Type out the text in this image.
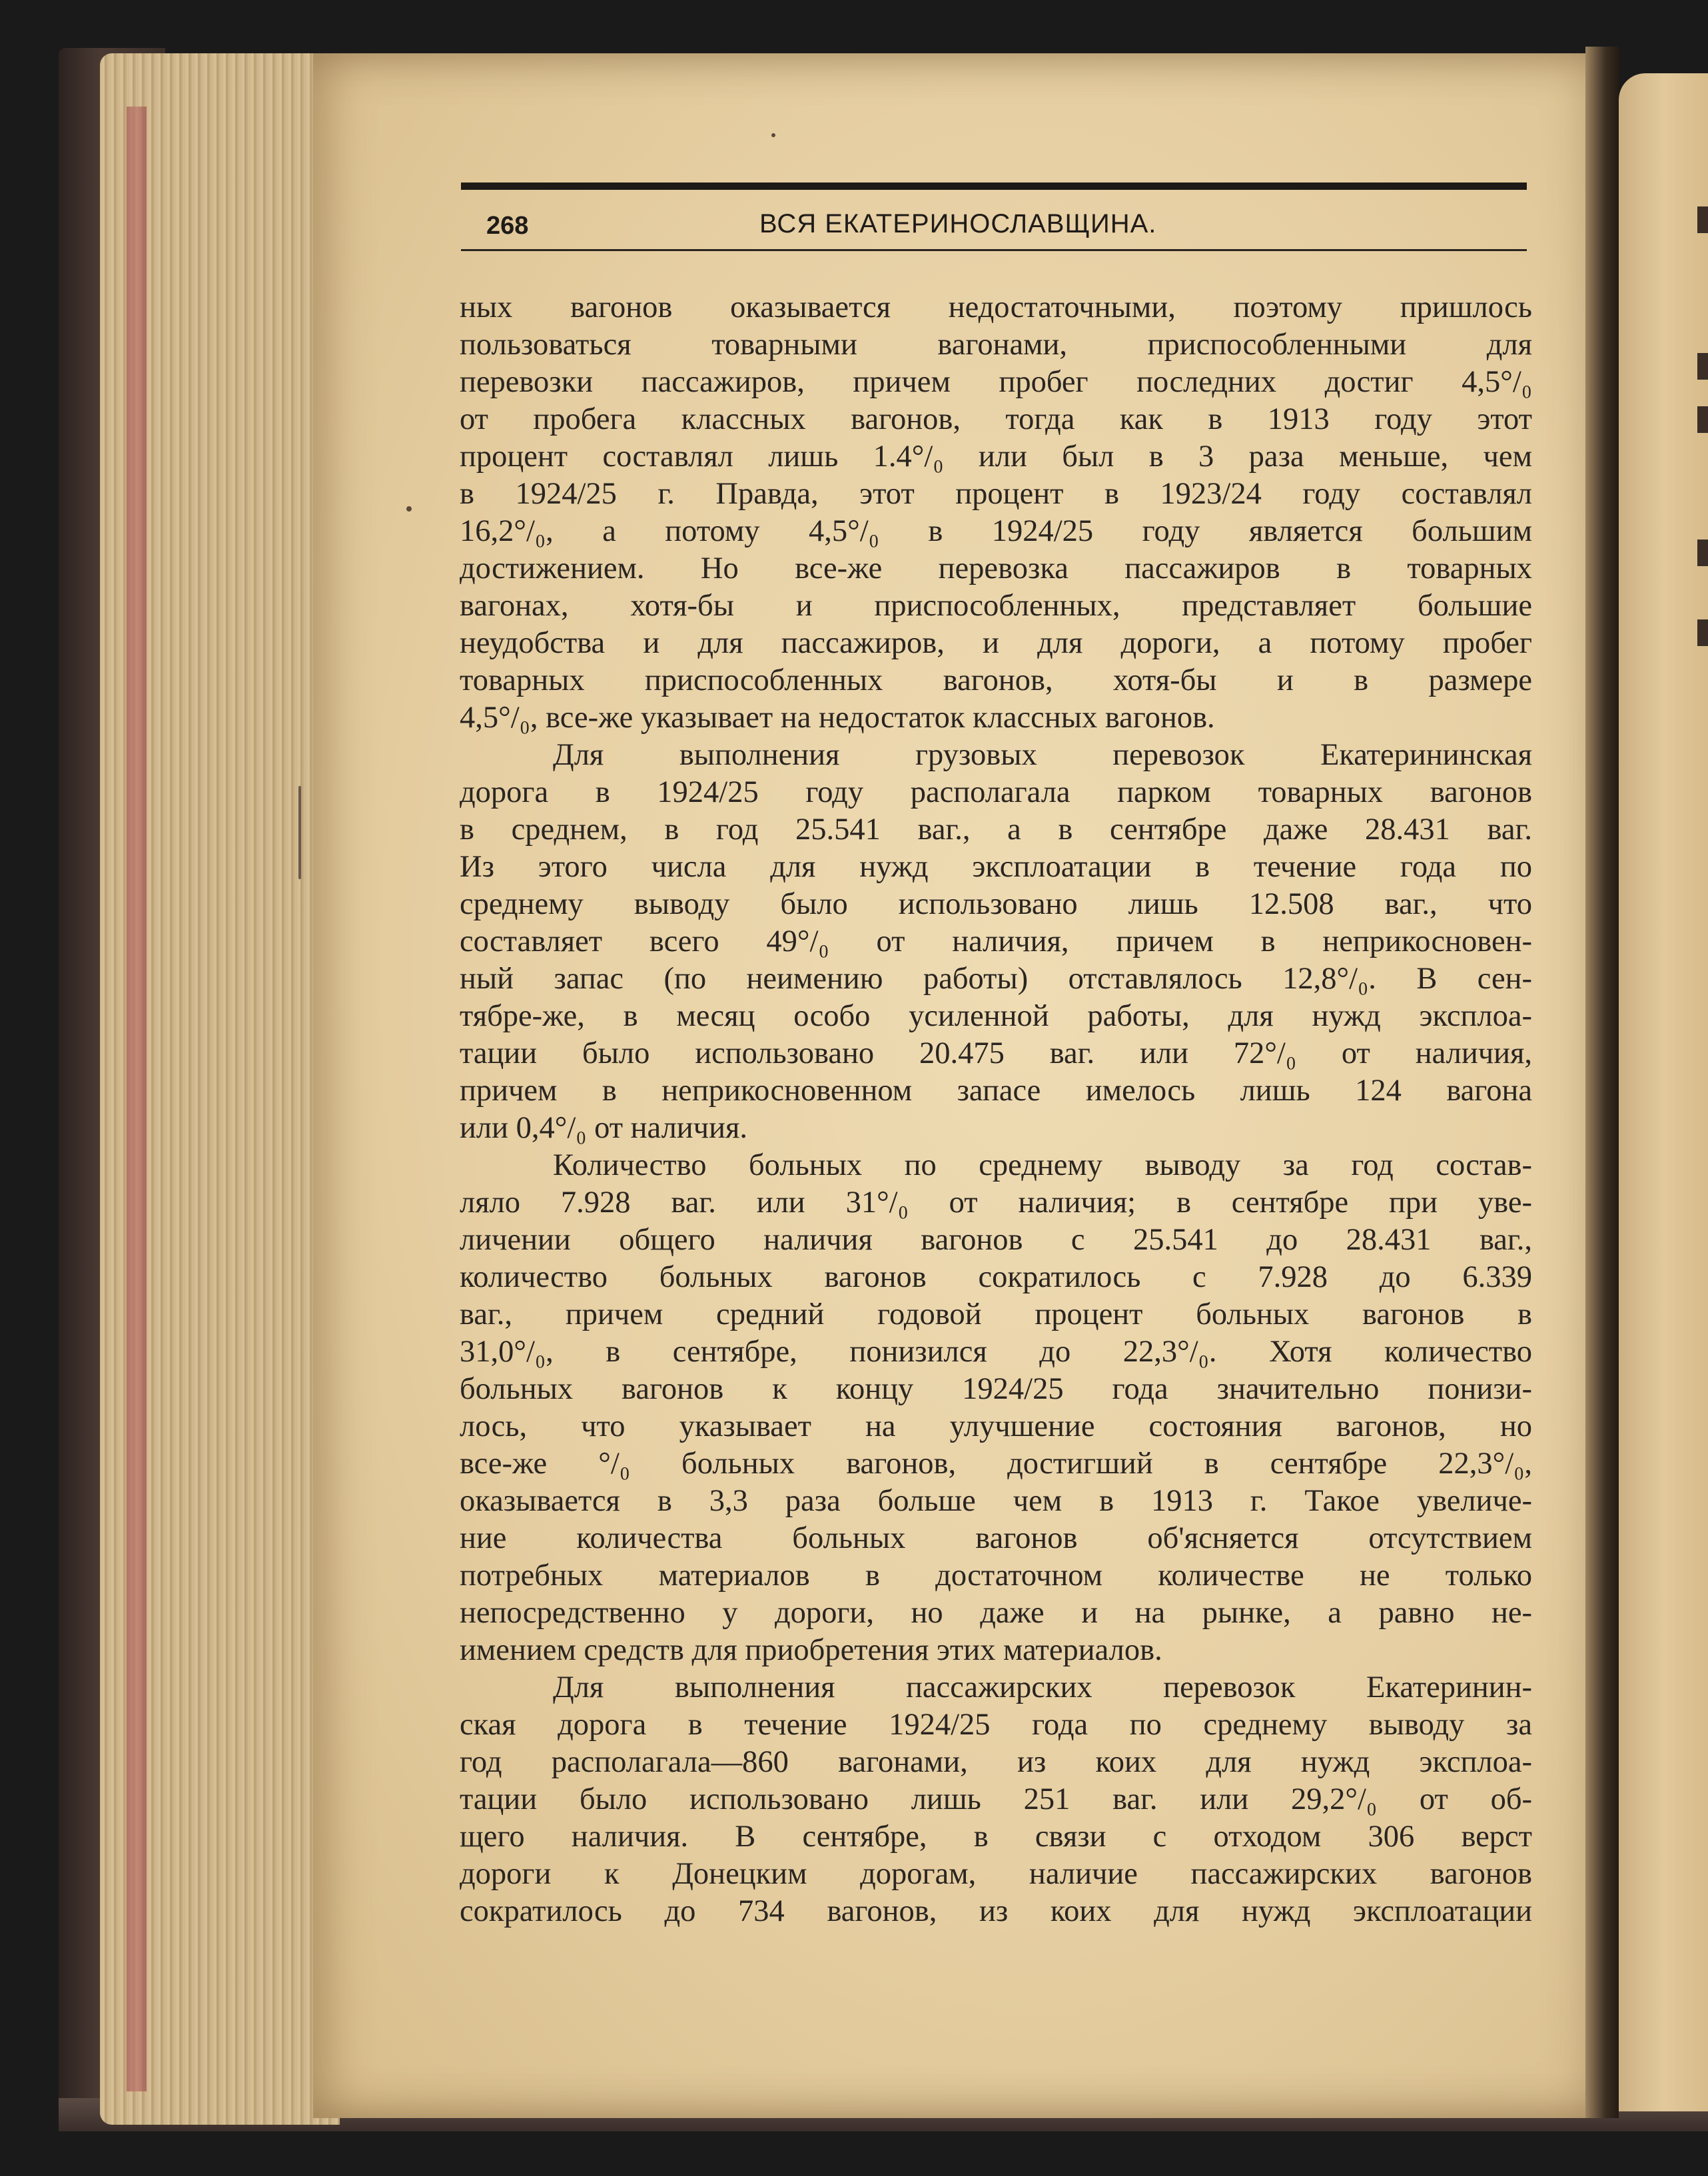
268	ВСЯ ЕКАТЕРИНОСЛАВЩИНА.
ных вагонов оказывается недостаточными, поэтому пришлось
пользоваться товарными вагонами, приспособленными для
перевозки пассажиров, причем пробег последних достиг 4,5°/₀
от пробега классных вагонов, тогда как в 1913 году этот
процент составлял лишь 1.4°/₀ или был в 3 раза меньше, чем
в 1924/25 г. Правда, этот процент в 1923/24 году составлял
16,2°/₀, а потому 4,5°/₀ в 1924/25 году является большим
достижением. Но все-же перевозка пассажиров в товарных
вагонах, хотя-бы и приспособленных, представляет большие
неудобства и для пассажиров, и для дороги, а потому пробег
товарных приспособленных вагонов, хотя-бы и в размере
4,5°/₀, все-же указывает на недостаток классных вагонов.
Для выполнения грузовых перевозок Екатерининская
дорога в 1924/25 году располагала парком товарных вагонов
в среднем, в год 25.541 ваг., а в сентябре даже 28.431 ваг.
Из этого числа для нужд эксплоатации в течение года по
среднему выводу было использовано лишь 12.508 ваг., что
составляет всего 49°/₀ от наличия, причем в неприкосновен-
ный запас (по неимению работы) отставлялось 12,8°/₀. В сен-
тябре-же, в месяц особо усиленной работы, для нужд эксплоа-
тации было использовано 20.475 ваг. или 72°/₀ от наличия,
причем в неприкосновенном запасе имелось лишь 124 вагона
или 0,4°/₀ от наличия.
Количество больных по среднему выводу за год состав-
ляло 7.928 ваг. или 31°/₀ от наличия; в сентябре при уве-
личении общего наличия вагонов с 25.541 до 28.431 ваг.,
количество больных вагонов сократилось с 7.928 до 6.339
ваг., причем средний годовой процент больных вагонов в
31,0°/₀, в сентябре, понизился до 22,3°/₀. Хотя количество
больных вагонов к концу 1924/25 года значительно понизи-
лось, что указывает на улучшение состояния вагонов, но
все-же °/₀ больных вагонов, достигший в сентябре 22,3°/₀,
оказывается в 3,3 раза больше чем в 1913 г. Такое увеличе-
ние количества больных вагонов об'ясняется отсутствием
потребных материалов в достаточном количестве не только
непосредственно у дороги, но даже и на рынке, а равно не-
имением средств для приобретения этих материалов.
Для выполнения пассажирских перевозок Екатеринин-
ская дорога в течение 1924/25 года по среднему выводу за
год располагала—860 вагонами, из коих для нужд эксплоа-
тации было использовано лишь 251 ваг. или 29,2°/₀ от об-
щего наличия. В сентябре, в связи с отходом 306 верст
дороги к Донецким дорогам, наличие пассажирских вагонов
сократилось до 734 вагонов, из коих для нужд эксплоатации
